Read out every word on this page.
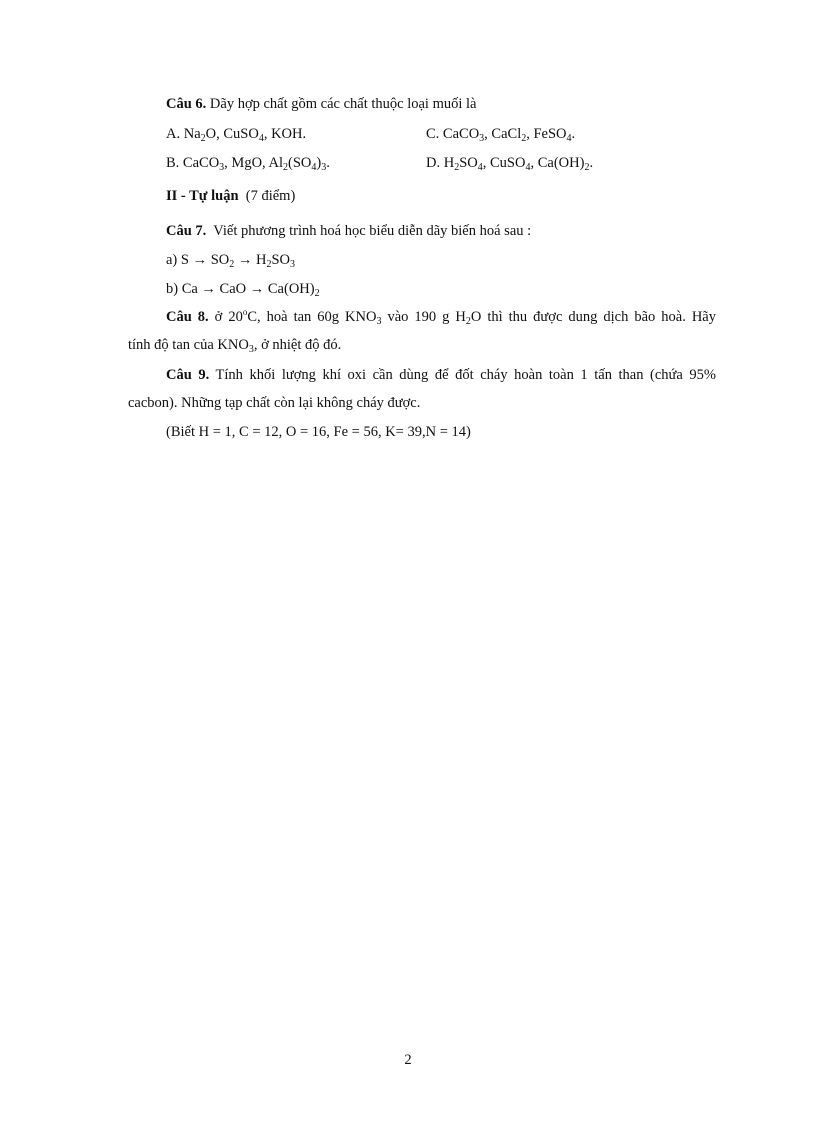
Câu 6. Dãy hợp chất gồm các chất thuộc loại muối là
A. $Na_2O$, CuSO$_4$, KOH.	C. CaCO$_3$, CaCl$_2$, FeSO$_4$.
B. CaCO$_3$, MgO, $Al_2(SO_4)_3$.	D. $H_2SO_4$, CuSO$_4$, $Ca(OH)_2$.
II - Tự luận  (7 điểm)
Câu 7.  Viết phương trình hoá học biểu diễn dãy biến hoá sau :
a) $S \to SO_2 \to H_2SO_3$
b) Ca → CaO → $Ca(OH)_2$
Câu 8. ở 20$^o$C, hoà tan 60g $KNO_3$ vào 190 g $H_2O$ thì thu được dung dịch bão hoà. Hãy
tính độ tan của $KNO_3$, ở nhiệt độ đó.
Câu 9. Tính khối lượng khí oxi cần dùng để đốt cháy hoàn toàn 1 tấn than (chứa 95%
cacbon). Những tạp chất còn lại không cháy được.
(Biết H = 1, C = 12, O = 16, Fe = 56, K= 39,N = 14)
2
